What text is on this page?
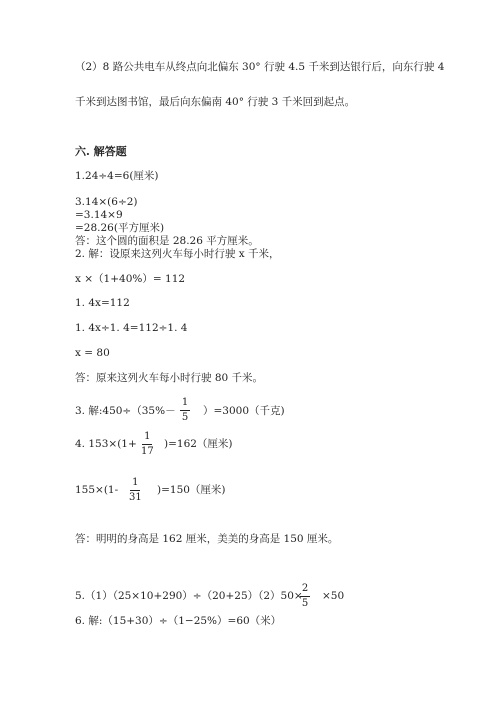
（2）8 路公共电车从终点向北偏东 30° 行驶 4.5 千米到达银行后，向东行驶 4
千米到达图书馆，最后向东偏南 40° 行驶 3 千米回到起点。
六. 解答题
1.24÷4=6(厘米)
3.14×(6÷2)
=3.14×9
=28.26(平方厘米)
答：这个圆的面积是 28.26 平方厘米。
2. 解：设原来这列火车每小时行驶 x 千米，
x ×（1+40%）= 112
1. 4x=112
1. 4x÷1. 4=112÷1. 4
x = 80
答：原来这列火车每小时行驶 80 千米。
3. 解:450÷（35%－
1
5
）=3000（千克)
4. 153×(1+
1
17
)=162（厘米)
155×(1-
1
31
)=150（厘米)
答：明明的身高是 162 厘米，美美的身高是 150 厘米。
5.（1）（25×10+290）÷（20+25）（2）50×
2
5
×50
6. 解:（15+30）÷（1−25%）=60（米）
